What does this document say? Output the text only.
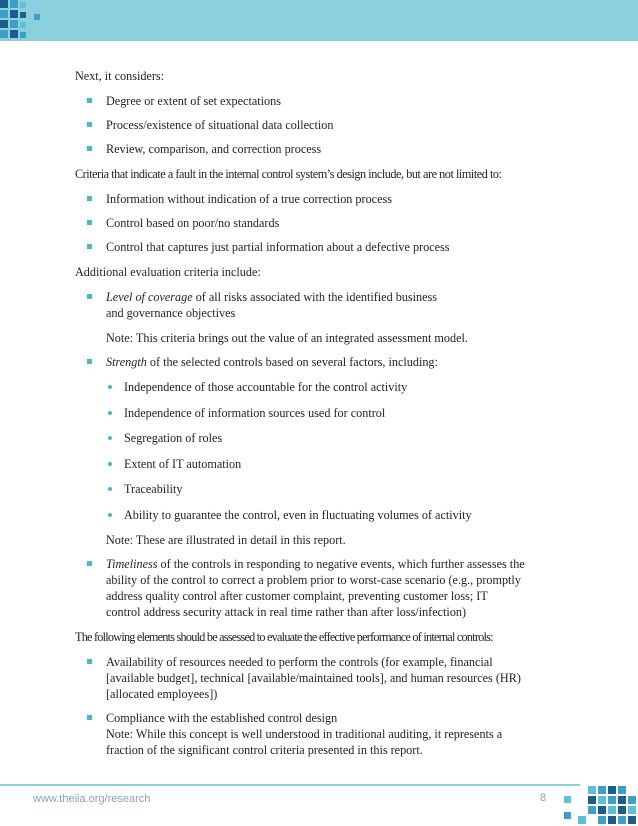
Next, it considers:

Degree or extent of set expectations
Process/existence of situational data collection
Review, comparison, and correction process

Criteria that indicate a fault in the internal control system’s design include, but are not limited to:

Information without indication of a true correction process
Control based on poor/no standards
Control that captures just partial information about a defective process

Additional evaluation criteria include:

Level of coverage of all risks associated with the identified business and governance objectives

Note: This criteria brings out the value of an integrated assessment model.

Strength of the selected controls based on several factors, including:
Independence of those accountable for the control activity
Independence of information sources used for control
Segregation of roles
Extent of IT automation
Traceability
Ability to guarantee the control, even in fluctuating volumes of activity

Note: These are illustrated in detail in this report.

Timeliness of the controls in responding to negative events, which further assesses the ability of the control to correct a problem prior to worst-case scenario (e.g., promptly address quality control after customer complaint, preventing customer loss; IT control address security attack in real time rather than after loss/infection)

The following elements should be assessed to evaluate the effective performance of internal controls:

Availability of resources needed to perform the controls (for example, financial [available budget], technical [available/maintained tools], and human resources (HR) [allocated employees])
Compliance with the established control design
Note: While this concept is well understood in traditional auditing, it represents a fraction of the significant control criteria presented in this report.
www.theiia.org/research	8
